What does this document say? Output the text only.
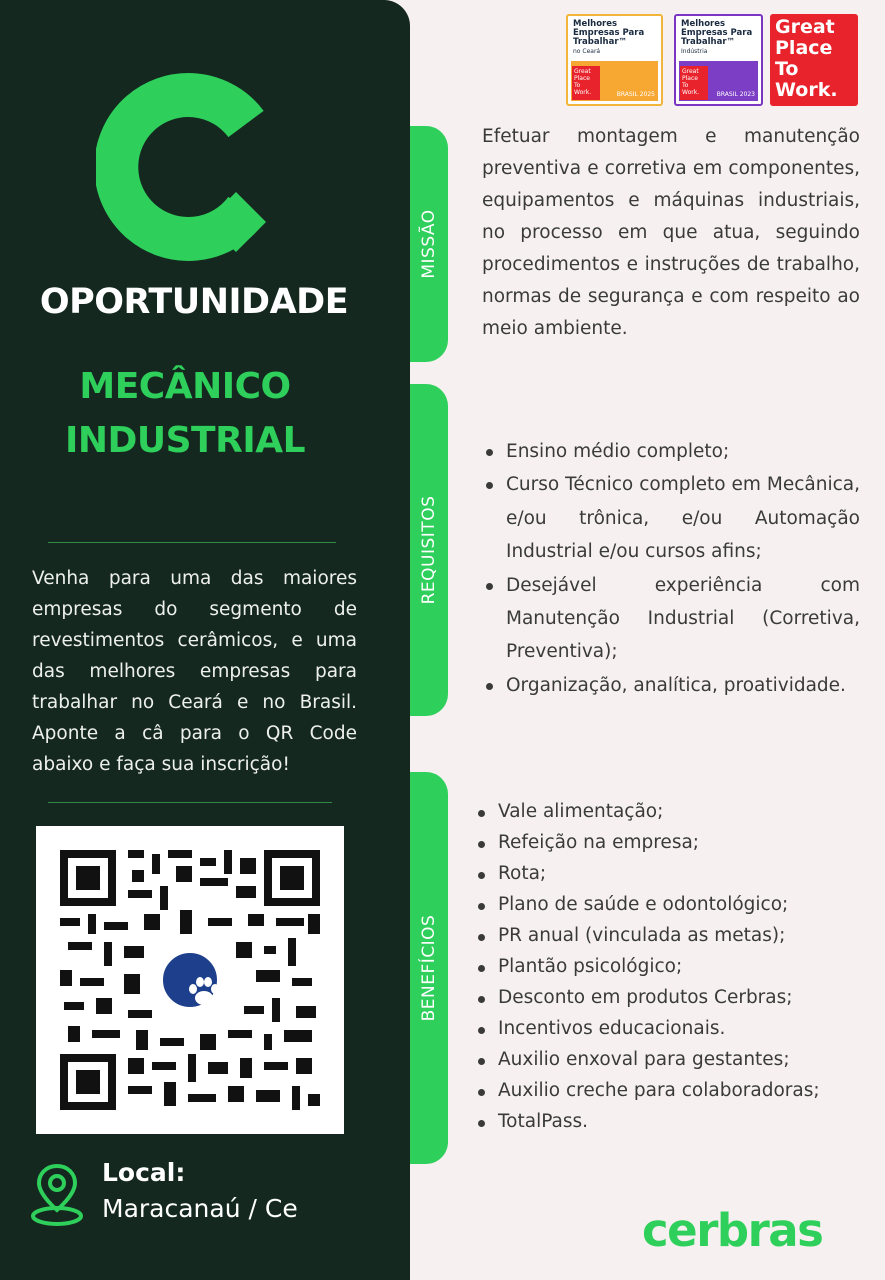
OPORTUNIDADE
MECÂNICO
INDUSTRIAL
Venha para uma das maiores empresas do segmento de revestimentos cerâmicos, e uma das melhores empresas para trabalhar no Ceará e no Brasil. Aponte a câ para o QR Code abaixo e faça sua inscrição!
Local:
Maracanaú / Ce
MISSÃO
REQUISITOS
BENEFÍCIOS
Melhores
Empresas Para
Trabalhar™
no Ceará
Great Place To Work.	BRASIL 2025
Melhores
Empresas Para
Trabalhar™
Indústria
Great Place To Work.	BRASIL 2023
Great
Place
To
Work.
Efetuar montagem e manutenção preventiva e corretiva em componentes, equipamentos e máquinas industriais, no processo em que atua, seguindo procedimentos e instruções de trabalho, normas de segurança e com respeito ao meio ambiente.
Ensino médio completo;
Curso Técnico completo em Mecânica, e/ou trônica, e/ou Automação Industrial e/ou cursos afins;
Desejável experiência com Manutenção Industrial (Corretiva, Preventiva);
Organização, analítica, proatividade.
Vale alimentação;
Refeição na empresa;
Rota;
Plano de saúde e odontológico;
PR anual (vinculada as metas);
Plantão psicológico;
Desconto em produtos Cerbras;
Incentivos educacionais.
Auxilio enxoval para gestantes;
Auxilio creche para colaboradoras;
TotalPass.
cerbras
